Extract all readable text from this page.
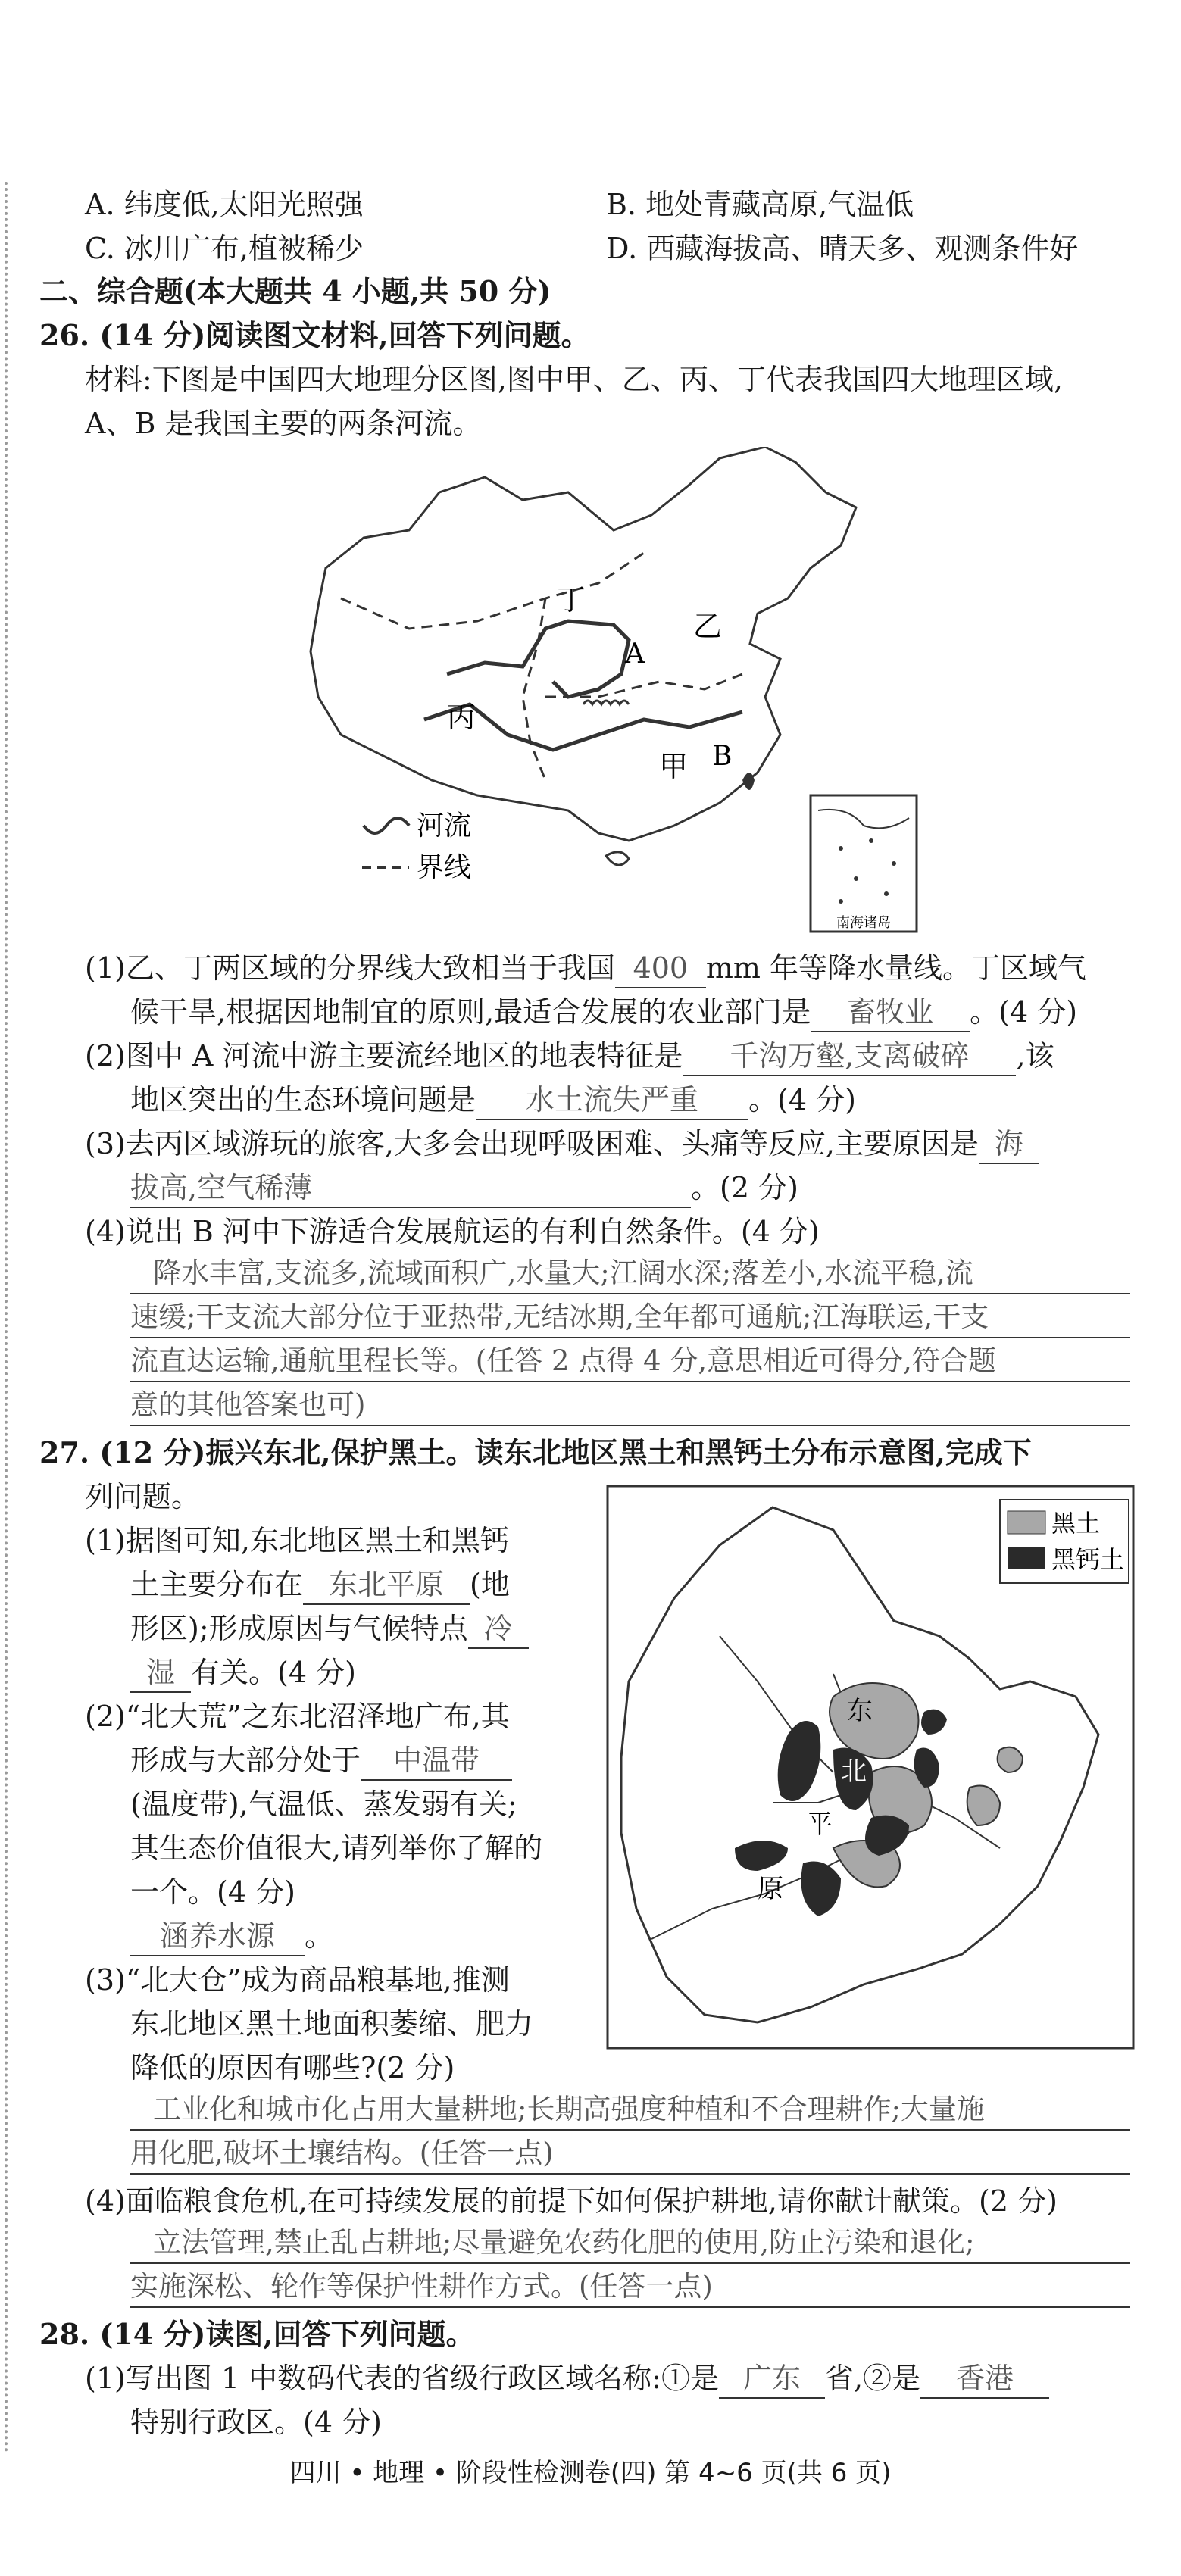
A. 纬度低,太阳光照强	B. 地处青藏高原,气温低
C. 冰川广布,植被稀少	D. 西藏海拔高、晴天多、观测条件好
二、综合题(本大题共 4 小题,共 50 分)
26. (14 分)阅读图文材料,回答下列问题。
材料:下图是中国四大地理分区图,图中甲、乙、丙、丁代表我国四大地理区域,
A、B 是我国主要的两条河流。
丁
乙
A
丙
B
甲
南海诸岛
河流
界线
(1)乙、丁两区域的分界线大致相当于我国 400 mm 年等降水量线。丁区域气
候干旱,根据因地制宜的原则,最适合发展的农业部门是 畜牧业 。(4 分)
(2)图中 A 河流中游主要流经地区的地表特征是 千沟万壑,支离破碎 ,该
地区突出的生态环境问题是 水土流失严重 。(4 分)
(3)去丙区域游玩的旅客,大多会出现呼吸困难、头痛等反应,主要原因是 海
拔高,空气稀薄	。(2 分)
(4)说出 B 河中下游适合发展航运的有利自然条件。(4 分)
降水丰富,支流多,流域面积广,水量大;江阔水深;落差小,水流平稳,流
速缓;干支流大部分位于亚热带,无结冰期,全年都可通航;江海联运,干支
流直达运输,通航里程长等。(任答 2 点得 4 分,意思相近可得分,符合题
意的其他答案也可)
27. (12 分)振兴东北,保护黑土。读东北地区黑土和黑钙土分布示意图,完成下
列问题。
东
北
平
原
黑土
黑钙土
(1)据图可知,东北地区黑土和黑钙
土主要分布在 东北平原 (地
形区);形成原因与气候特点 冷
湿 有关。(4 分)
(2)“北大荒”之东北沼泽地广布,其
形成与大部分处于 中温带
(温度带),气温低、蒸发弱有关;
其生态价值很大,请列举你了解的
一个。(4 分)
涵养水源 。
(3)“北大仓”成为商品粮基地,推测
东北地区黑土地面积萎缩、肥力
降低的原因有哪些?(2 分)
工业化和城市化占用大量耕地;长期高强度种植和不合理耕作;大量施
用化肥,破坏土壤结构。(任答一点)
(4)面临粮食危机,在可持续发展的前提下如何保护耕地,请你献计献策。(2 分)
立法管理,禁止乱占耕地;尽量避免农药化肥的使用,防止污染和退化;
实施深松、轮作等保护性耕作方式。(任答一点)
28. (14 分)读图,回答下列问题。
(1)写出图 1 中数码代表的省级行政区域名称:①是 广东 省,②是 香港
特别行政区。(4 分)
四川 • 地理 • 阶段性检测卷(四) 第 4~6 页(共 6 页)
